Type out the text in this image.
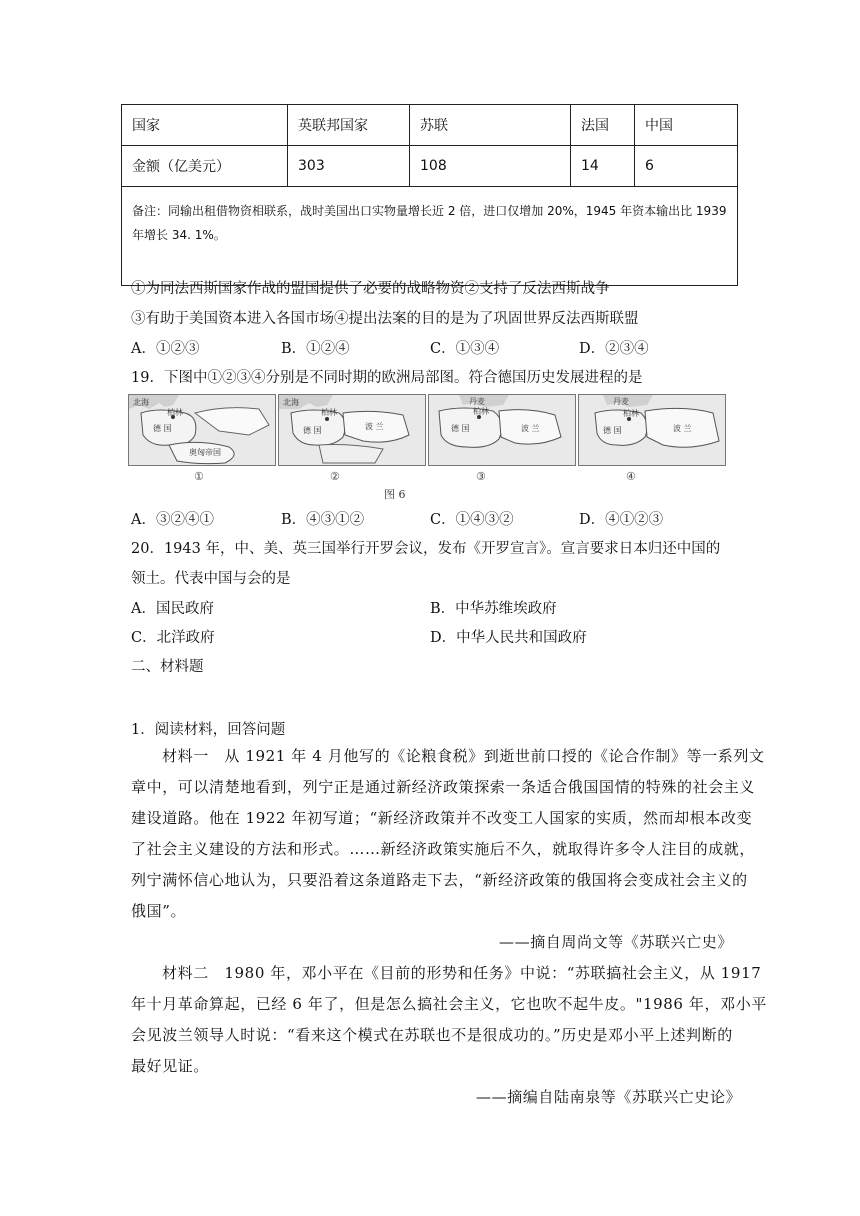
国家	英联邦国家	苏联	法国	中国
金额（亿美元）	303	108	14	6
备注：同输出租借物资相联系，战时美国出口实物量增长近 2 倍，进口仅增加 20%，1945 年资本输出比 1939 年增长 34. 1%。				
①为同法西斯国家作战的盟国提供了必要的战略物资②支持了反法西斯战争
③有助于美国资本进入各国市场④提出法案的目的是为了巩固世界反法西斯联盟
A．①②③	B．①②④	C．①③④	D．②③④
19．下图中①②③④分别是不同时期的欧洲局部图。符合德国历史发展进程的是
北海
柏林
德 国
奥匈帝国
北海
柏林
德 国	波 兰
丹麦
柏林
德 国	波 兰
丹麦
柏林
德 国	波 兰
①	②	③	④
图 6
A．③②④①	B．④③①②	C．①④③②	D．④①②③
20．1943 年，中、美、英三国举行开罗会议，发布《开罗宣言》。宣言要求日本归还中国的
领土。代表中国与会的是
A．国民政府	B．中华苏维埃政府
C．北洋政府	D．中华人民共和国政府
二、材料题
1．阅读材料，回答问题
材料一　从 1921 年 4 月他写的《论粮食税》到逝世前口授的《论合作制》等一系列文
章中，可以清楚地看到，列宁正是通过新经济政策探索一条适合俄国国情的特殊的社会主义
建设道路。他在 1922 年初写道；“新经济政策并不改变工人国家的实质，然而却根本改变
了社会主义建设的方法和形式。……新经济政策实施后不久，就取得许多令人注目的成就，
列宁满怀信心地认为，只要沿着这条道路走下去，“新经济政策的俄国将会变成社会主义的
俄国”。
——摘自周尚文等《苏联兴亡史》
材料二　1980 年，邓小平在《目前的形势和任务》中说：“苏联搞社会主义，从 1917
年十月革命算起，已经 6 年了，但是怎么搞社会主义，它也吹不起牛皮。"1986 年，邓小平
会见波兰领导人时说：“看来这个模式在苏联也不是很成功的。”历史是邓小平上述判断的
最好见证。
——摘编自陆南泉等《苏联兴亡史论》
